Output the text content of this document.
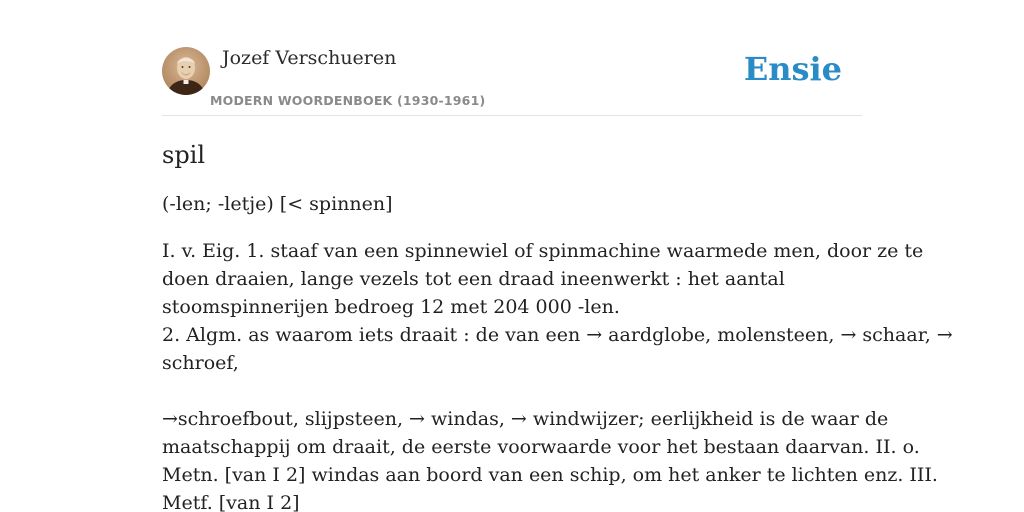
Jozef Verschueren
MODERN WOORDENBOEK (1930-1961)
Ensie
spil

(-len; -letje) [< spinnen]

I. v. Eig. 1. staaf van een spinnewiel of spinmachine waarmede men, door ze te
doen draaien, lange vezels tot een draad ineenwerkt : het aantal
stoomspinnerijen bedroeg 12 met 204 000 -len.
2. Algm. as waarom iets draait : de van een → aardglobe, molensteen, → schaar, →
schroef,
→schroefbout, slijpsteen, → windas, → windwijzer; eerlijkheid is de waar de
maatschappij om draait, de eerste voorwaarde voor het bestaan daarvan. II. o.
Metn. [van I 2] windas aan boord van een schip, om het anker te lichten enz. III.
Metf. [van I 2]
